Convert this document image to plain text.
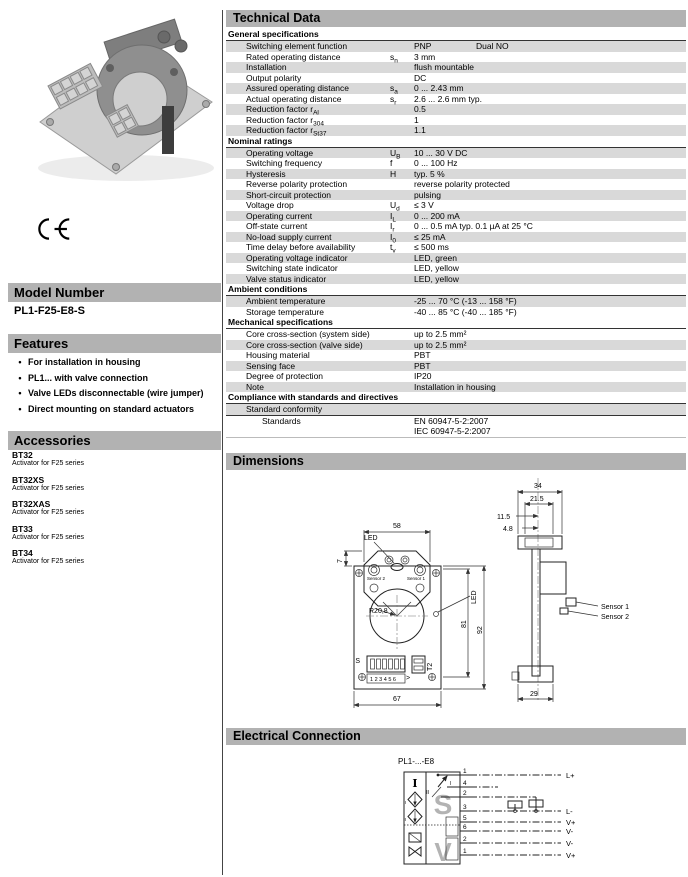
Model Number
PL1-F25-E8-S
Features
• For installation in housing
• PL1... with valve connection
• Valve LEDs disconnectable (wire jumper)
• Direct mounting on standard actuators
Accessories
BT32
Activator for F25 series
BT32XS
Activator for F25 series
BT32XAS
Activator for F25 series
BT33
Activator for F25 series
BT34
Activator for F25 series
Technical Data
General specifications
Switching element function	PNP	Dual NO
Rated operating distance	$s_n$	3 mm
Installation	flush mountable
Output polarity	DC
Assured operating distance	$s_a$	0 ... 2.43 mm
Actual operating distance	$s_r$	2.6 ... 2.6 mm typ.
Reduction factor $r_{Al}$	0.5
Reduction factor $r_{304}$	1
Reduction factor $r_{St37}$	1.1
Nominal ratings
Operating voltage	$U_B$	10 ... 30 V DC
Switching frequency	f	0 ... 100 Hz
Hysteresis	H	typ. 5 %
Reverse polarity protection	reverse polarity protected
Short-circuit protection	pulsing
Voltage drop	$U_d$	≤ 3 V
Operating current	$I_L$	0 ... 200 mA
Off-state current	$I_r$	0 ... 0.5 mA typ. 0.1 µA at 25 °C
No-load supply current	$I_0$	≤ 25 mA
Time delay before availability	$t_v$	≤ 500 ms
Operating voltage indicator	LED, green
Switching state indicator	LED, yellow
Valve status indicator	LED, yellow
Ambient conditions
Ambient temperature	-25 ... 70 °C (-13 ... 158 °F)
Storage temperature	-40 ... 85 °C (-40 ... 185 °F)
Mechanical specifications
Core cross-section (system side)	up to 2.5 mm²
Core cross-section (valve side)	up to 2.5 mm²
Housing material	PBT
Sensing face	PBT
Degree of protection	IP20
Note	Installation in housing
Compliance with standards and directives
Standard conformity
Standards	EN 60947-5-2:2007
IEC 60947-5-2:2007
Dimensions
Sensor 2	Sensor 1
R20,8
LED
LED
58
7
81
92
67
S
1 2 3 4 5 6
T2
>
Sensor 1
Sensor 2
34
21.5
11.5
4.8
29
Electrical Connection
PL1-...-E8
S
V
I
I
II
I
II
1
4
2
3
5
6
2
1
L+
L-
V+
V-
V-
V+
